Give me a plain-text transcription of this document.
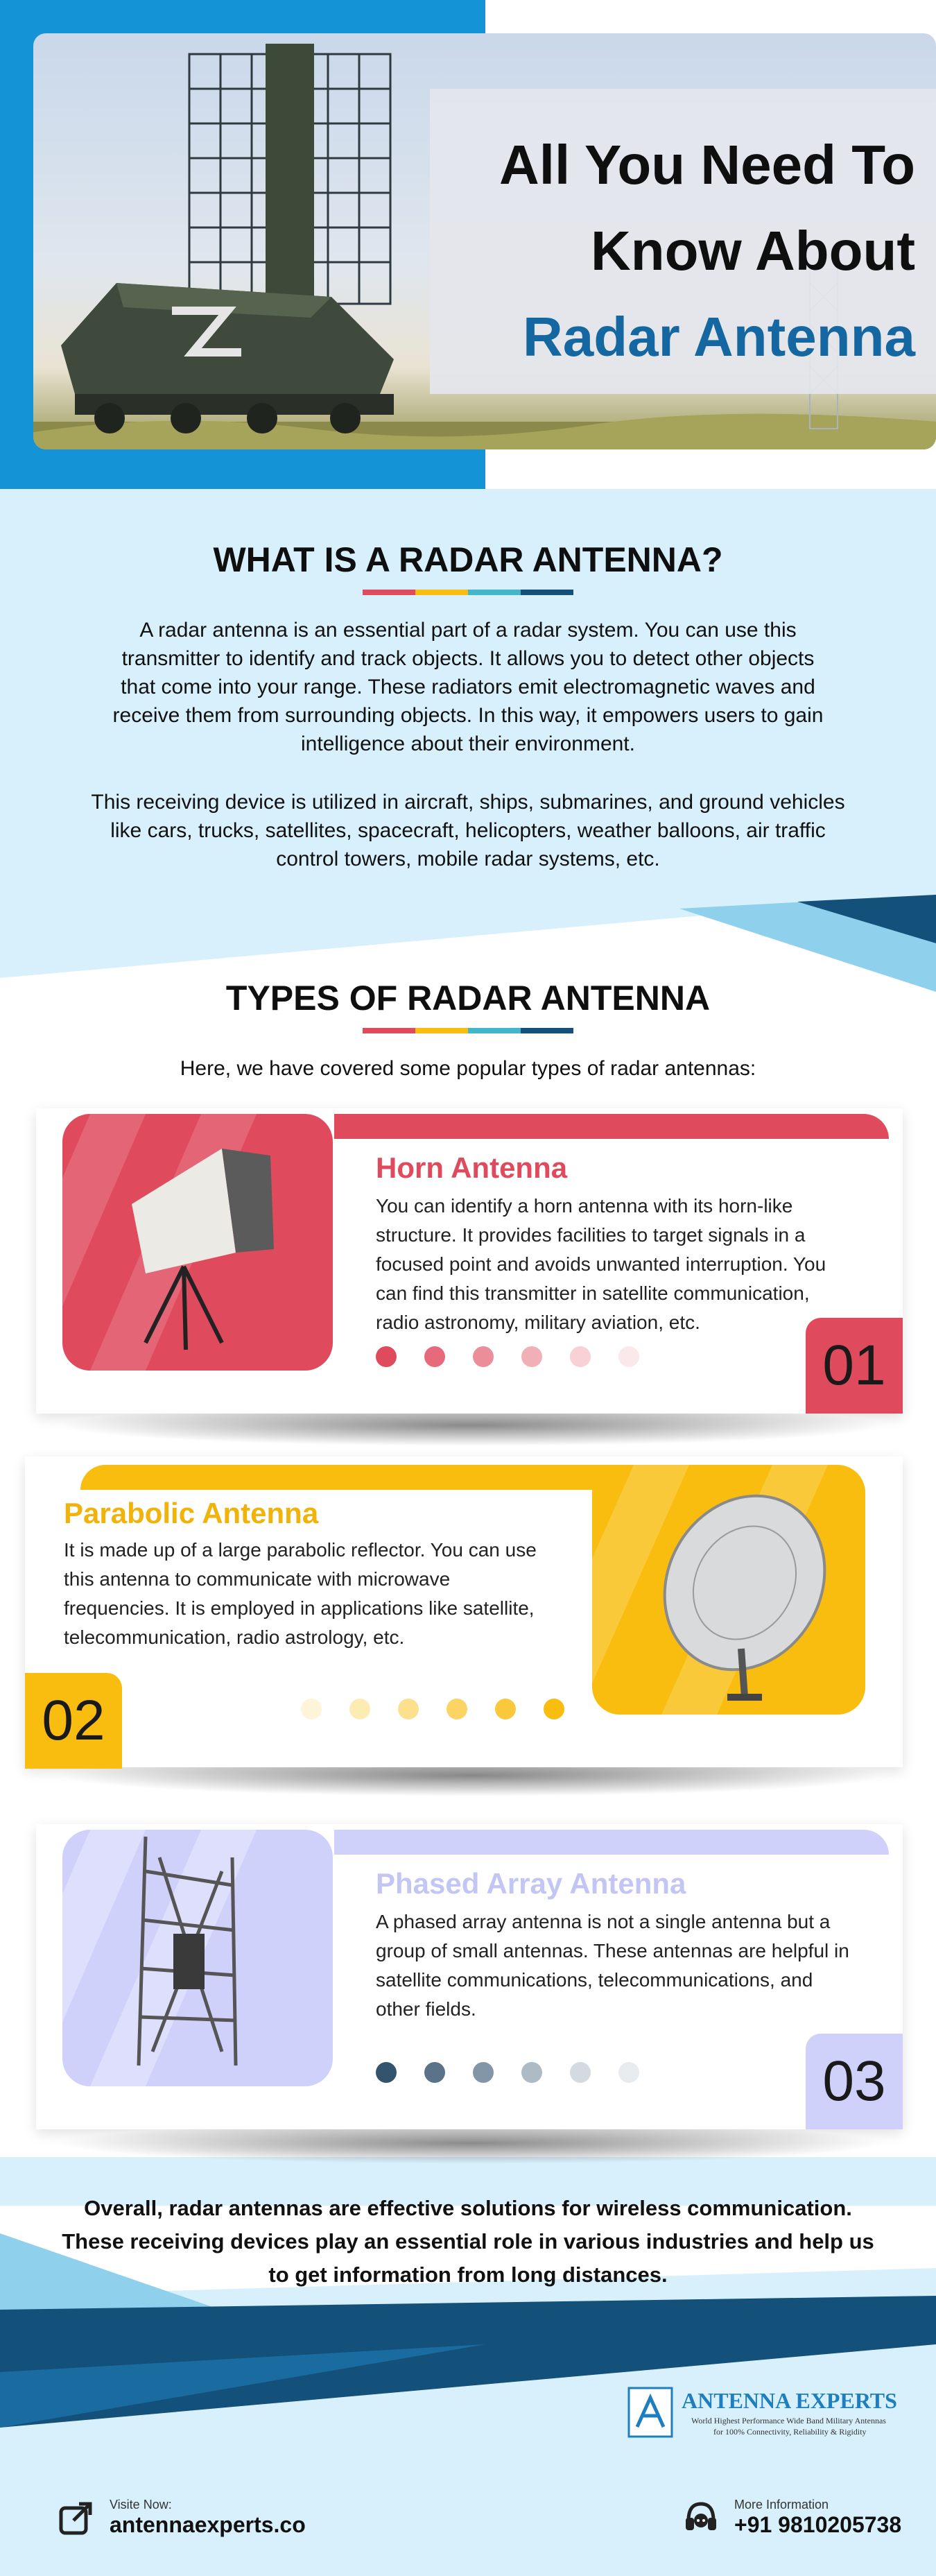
All You Need To
Know About
Radar Antenna
WHAT IS A RADAR ANTENNA?
A radar antenna is an essential part of a radar system. You can use this
transmitter to identify and track objects. It allows you to detect other objects
that come into your range. These radiators emit electromagnetic waves and
receive them from surrounding objects. In this way, it empowers users to gain
intelligence about their environment.
This receiving device is utilized in aircraft, ships, submarines, and ground vehicles
like cars, trucks, satellites, spacecraft, helicopters, weather balloons, air traffic
control towers, mobile radar systems, etc.
TYPES OF RADAR ANTENNA
Here, we have covered some popular types of radar antennas:
Horn Antenna
You can identify a horn antenna with its horn-like
structure. It provides facilities to target signals in a
focused point and avoids unwanted interruption. You
can find this transmitter in satellite communication,
radio astronomy, military aviation, etc.
01
Parabolic Antenna
It is made up of a large parabolic reflector. You can use
this antenna to communicate with microwave
frequencies. It is employed in applications like satellite,
telecommunication, radio astrology, etc.
02
Phased Array Antenna
A phased array antenna is not a single antenna but a
group of small antennas. These antennas are helpful in
satellite communications, telecommunications, and
other fields.
03
Overall, radar antennas are effective solutions for wireless communication.
These receiving devices play an essential role in various industries and help us
to get information from long distances.
ANTENNA EXPERTS
World Highest Performance Wide Band Military Antennas
for 100% Connectivity, Reliability & Rigidity
Visite Now:
antennaexperts.co
More Information
+91 9810205738
